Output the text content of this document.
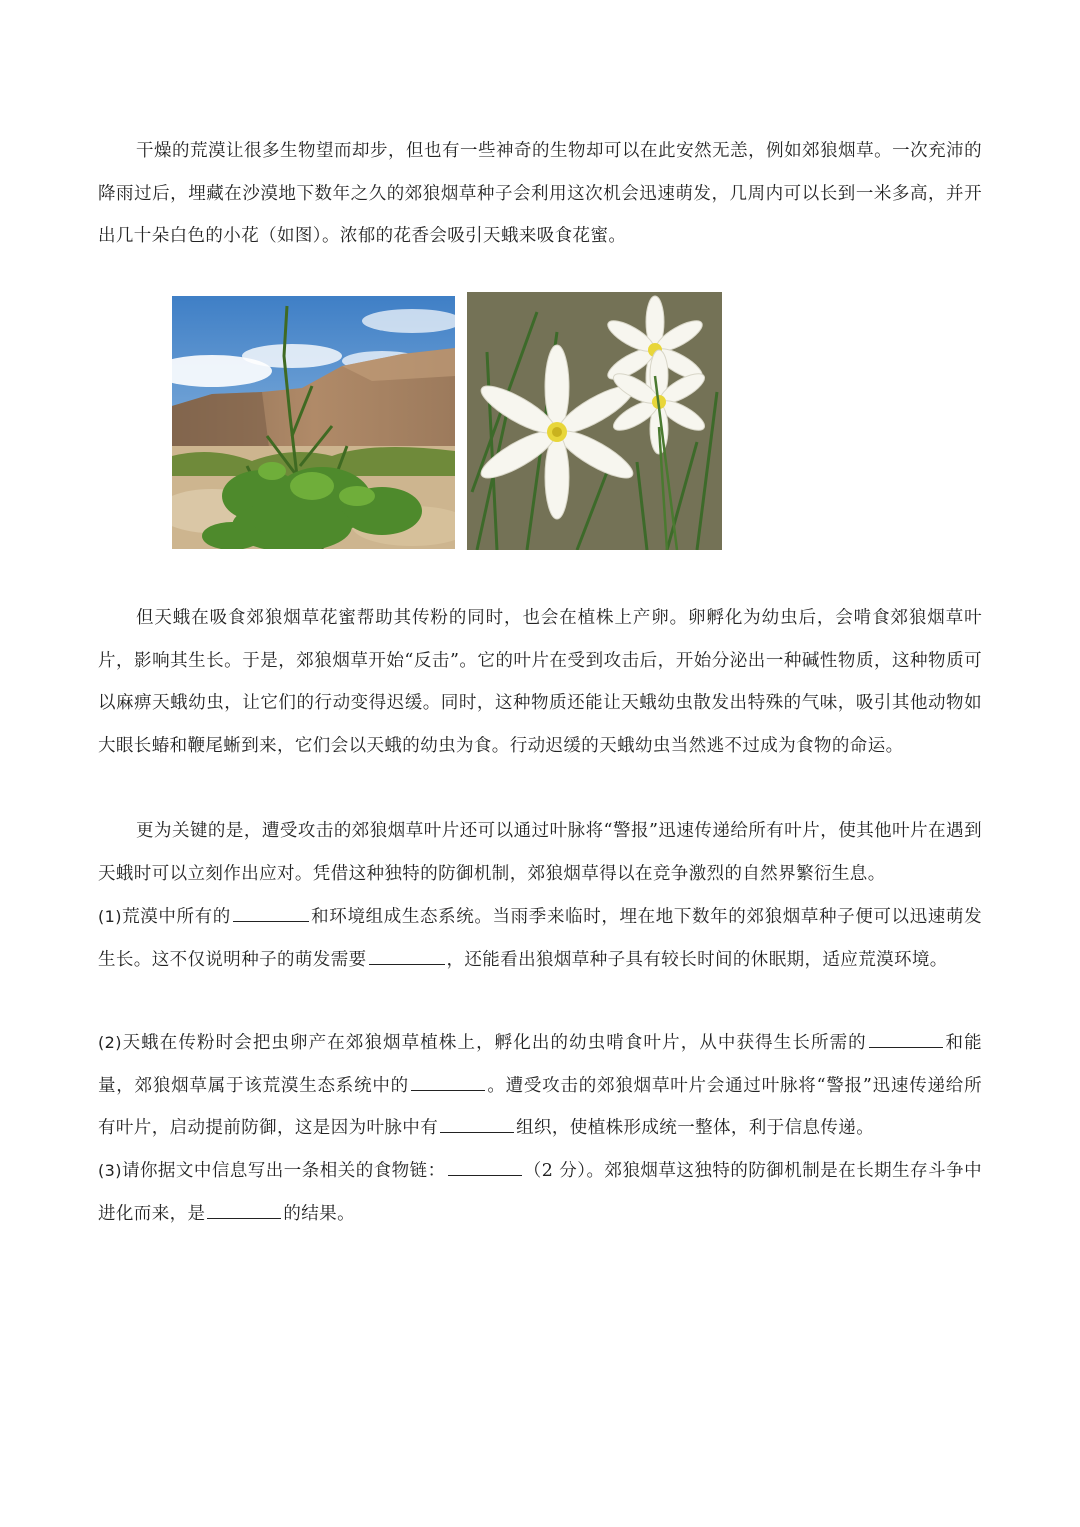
干燥的荒漠让很多生物望而却步，但也有一些神奇的生物却可以在此安然无恙，例如郊狼烟草。一次充沛的降雨过后，埋藏在沙漠地下数年之久的郊狼烟草种子会利用这次机会迅速萌发，几周内可以长到一米多高，并开出几十朵白色的小花（如图）。浓郁的花香会吸引天蛾来吸食花蜜。

但天蛾在吸食郊狼烟草花蜜帮助其传粉的同时，也会在植株上产卵。卵孵化为幼虫后，会啃食郊狼烟草叶片，影响其生长。于是，郊狼烟草开始“反击”。它的叶片在受到攻击后，开始分泌出一种碱性物质，这种物质可以麻痹天蛾幼虫，让它们的行动变得迟缓。同时，这种物质还能让天蛾幼虫散发出特殊的气味，吸引其他动物如大眼长蝽和鞭尾蜥到来，它们会以天蛾的幼虫为食。行动迟缓的天蛾幼虫当然逃不过成为食物的命运。

更为关键的是，遭受攻击的郊狼烟草叶片还可以通过叶脉将“警报”迅速传递给所有叶片，使其他叶片在遇到天蛾时可以立刻作出应对。凭借这种独特的防御机制，郊狼烟草得以在竞争激烈的自然界繁衍生息。

(1)荒漠中所有的	和环境组成生态系统。当雨季来临时，埋在地下数年的郊狼烟草种子便可以迅速萌发生长。这不仅说明种子的萌发需要	，还能看出狼烟草种子具有较长时间的休眠期，适应荒漠环境。

(2)天蛾在传粉时会把虫卵产在郊狼烟草植株上，孵化出的幼虫啃食叶片，从中获得生长所需的	和能量，郊狼烟草属于该荒漠生态系统中的	。遭受攻击的郊狼烟草叶片会通过叶脉将“警报”迅速传递给所有叶片，启动提前防御，这是因为叶脉中有	组织，使植株形成统一整体，利于信息传递。

(3)请你据文中信息写出一条相关的食物链：	（2 分）。郊狼烟草这独特的防御机制是在长期生存斗争中进化而来，是	的结果。
